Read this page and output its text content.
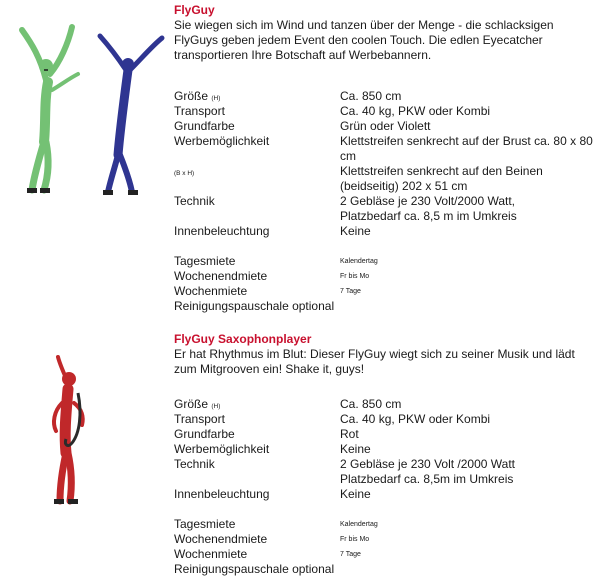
FlyGuy

Sie wiegen sich im Wind und tanzen über der Menge - die schlacksigen
FlyGuys geben jedem Event den coolen Touch. Die edlen Eyecatcher
transportieren Ihre Botschaft auf Werbebannern.

Größe (H)	Ca. 850 cm
Transport	Ca. 40 kg, PKW oder Kombi
Grundfarbe	Grün oder Violett
Werbemöglichkeit	Klettstreifen senkrecht auf der Brust ca. 80 x 80 cm
(B x H)	Klettstreifen senkrecht auf den Beinen
(beidseitig) 202 x 51 cm
Technik	2 Gebläse je 230 Volt/2000 Watt,
Platzbedarf ca. 8,5 m im Umkreis
Innenbeleuchtung	Keine
Tagesmiete	Kalendertag
Wochenendmiete	Fr bis Mo
Wochenmiete	7 Tage
Reinigungspauschale optional

FlyGuy Saxophonplayer

Er hat Rhythmus im Blut: Dieser FlyGuy wiegt sich zu seiner Musik und lädt
zum Mitgrooven ein! Shake it, guys!

Größe (H)	Ca. 850 cm
Transport	Ca. 40 kg, PKW oder Kombi
Grundfarbe	Rot
Werbemöglichkeit	Keine
Technik	2 Gebläse je 230 Volt /2000 Watt
Platzbedarf ca. 8,5m im Umkreis
Innenbeleuchtung	Keine
Tagesmiete	Kalendertag
Wochenendmiete	Fr bis Mo
Wochenmiete	7 Tage
Reinigungspauschale optional
